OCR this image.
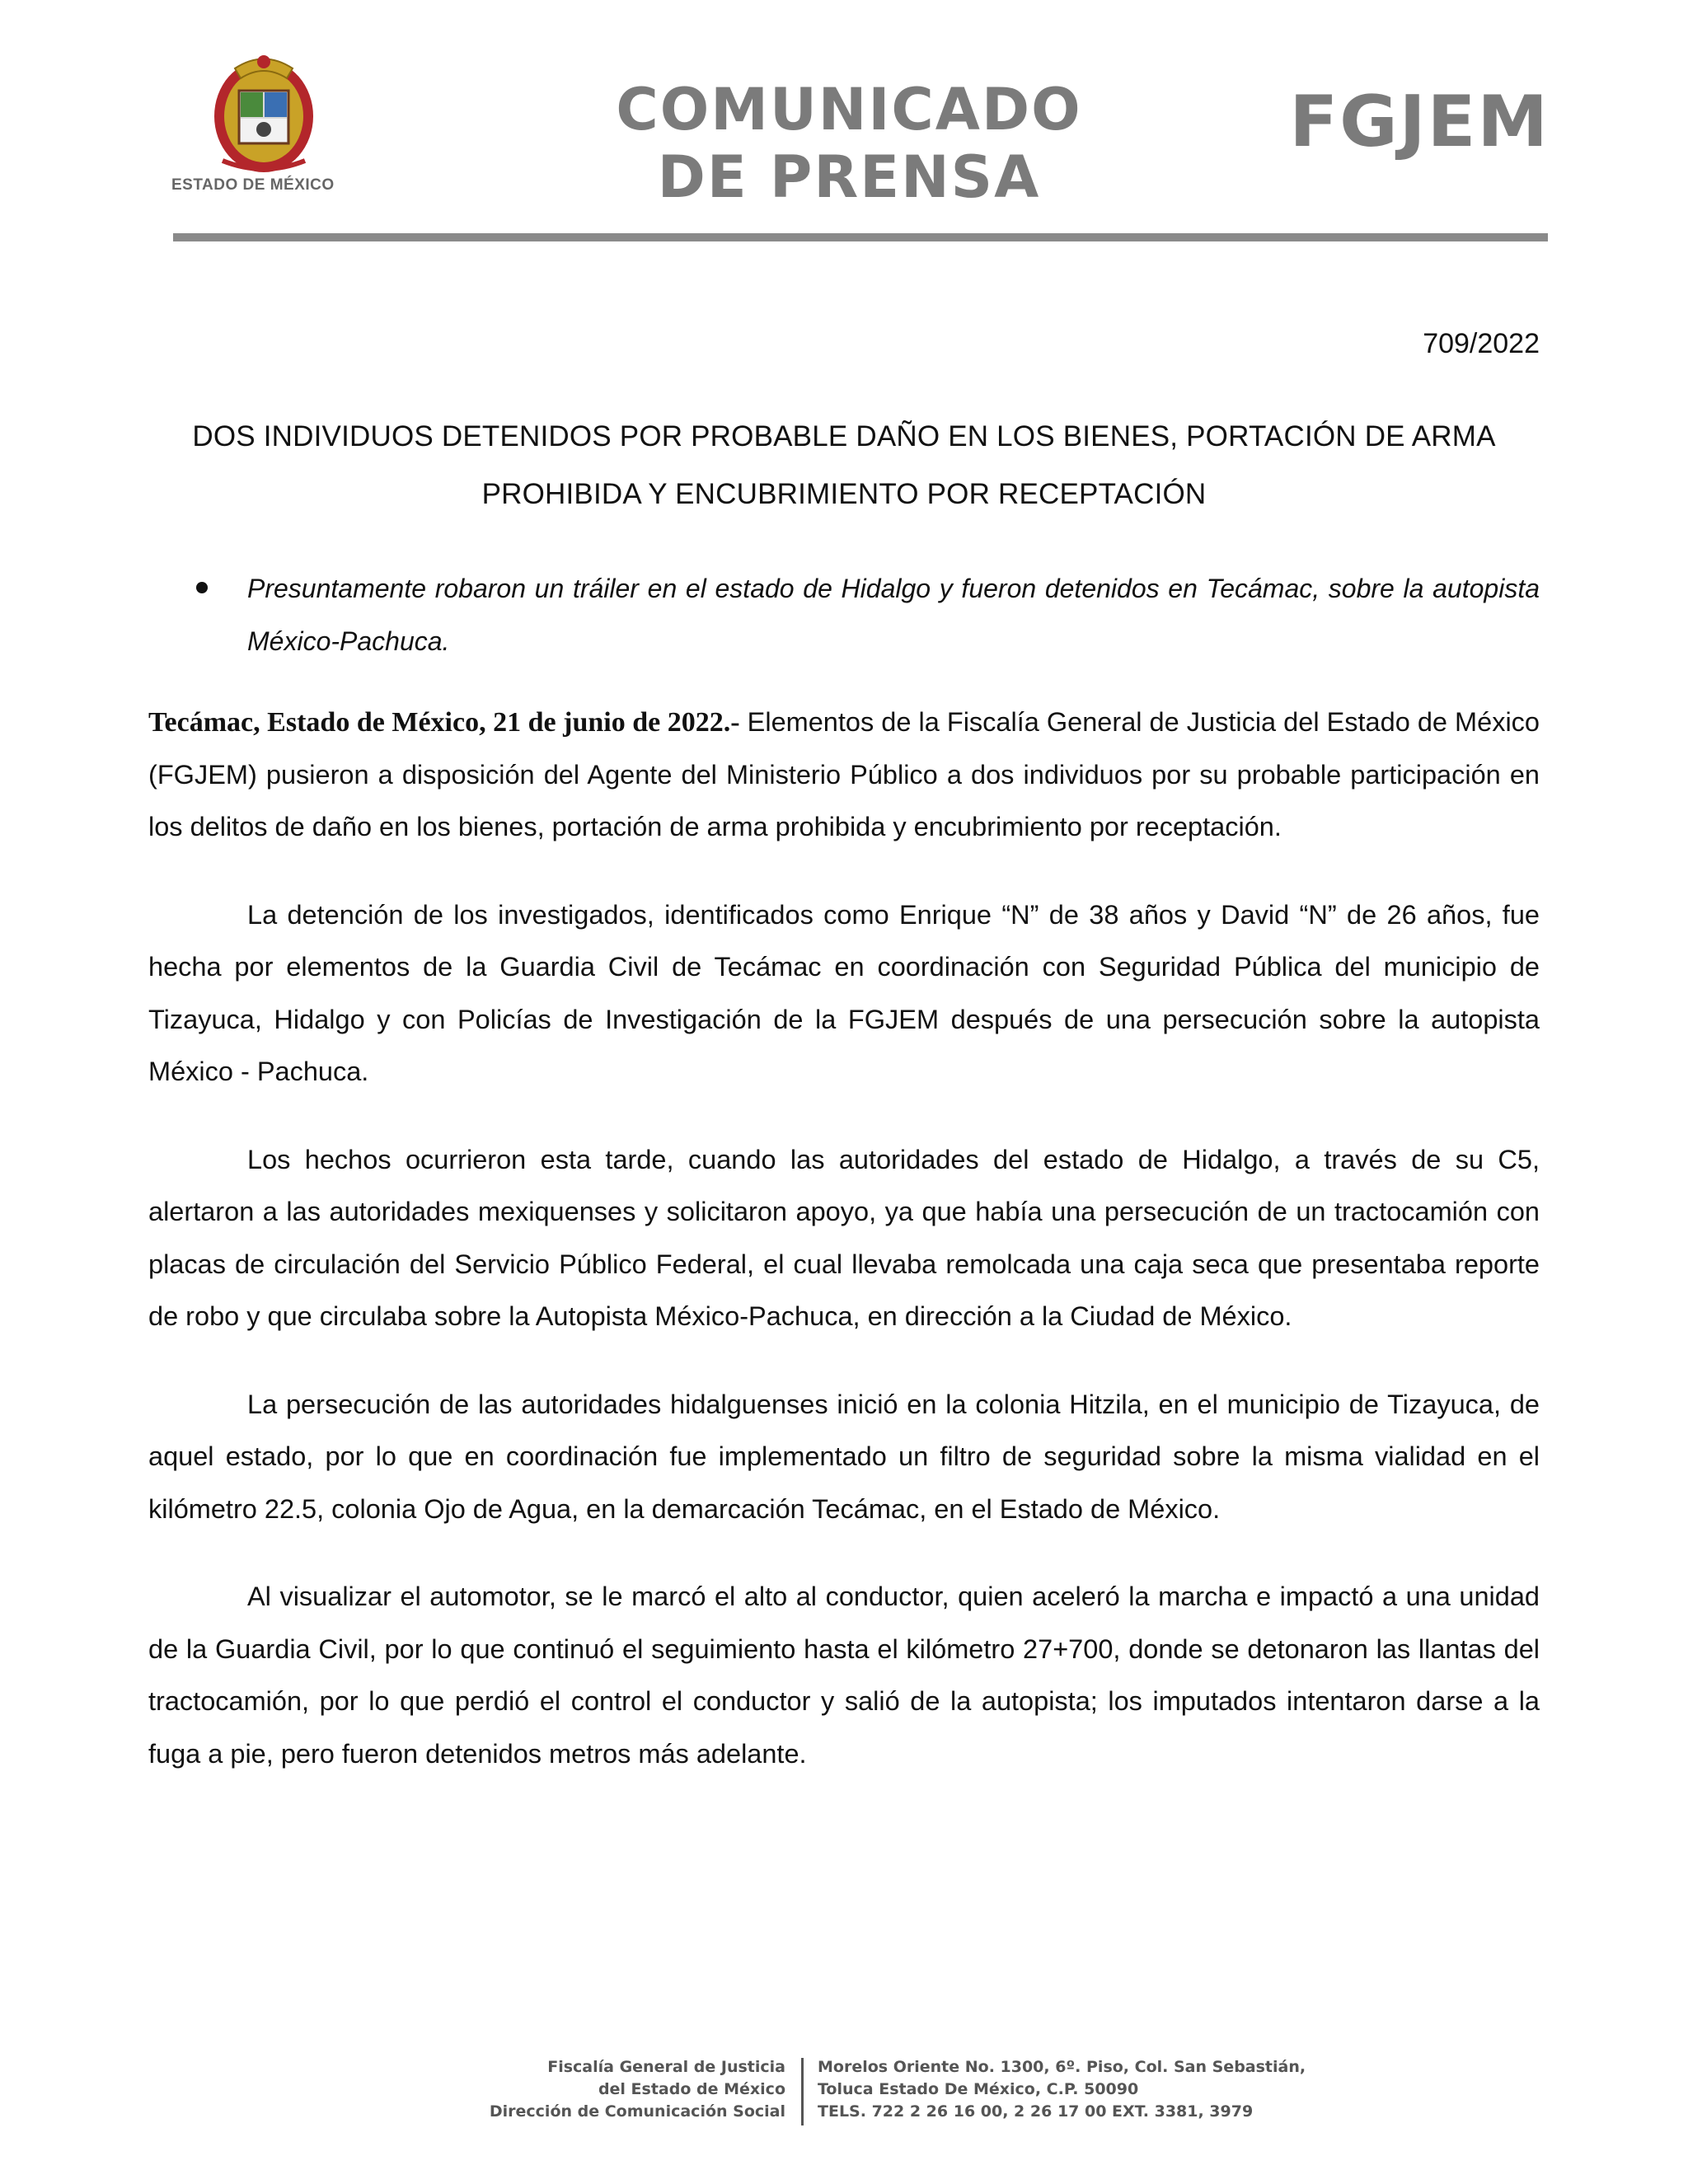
ESTADO DE MÉXICO
COMUNICADO
DE PRENSA
FGJEM
709/2022
DOS INDIVIDUOS DETENIDOS POR PROBABLE DAÑO EN LOS BIENES, PORTACIÓN DE ARMA
PROHIBIDA Y ENCUBRIMIENTO POR RECEPTACIÓN
Presuntamente robaron un tráiler en el estado de Hidalgo y fueron detenidos en Tecámac, sobre la autopista México-Pachuca.

Tecámac, Estado de México, 21 de junio de 2022.- Elementos de la Fiscalía General de Justicia del Estado de México (FGJEM) pusieron a disposición del Agente del Ministerio Público a dos individuos por su probable participación en los delitos de daño en los bienes, portación de arma prohibida y encubrimiento por receptación.

La detención de los investigados, identificados como Enrique “N” de 38 años y David “N” de 26 años, fue hecha por elementos de la Guardia Civil de Tecámac en coordinación con Seguridad Pública del municipio de Tizayuca, Hidalgo y con Policías de Investigación de la FGJEM después de una persecución sobre la autopista México - Pachuca.

Los hechos ocurrieron esta tarde, cuando las autoridades del estado de Hidalgo, a través de su C5, alertaron a las autoridades mexiquenses y solicitaron apoyo, ya que había una persecución de un tractocamión con placas de circulación del Servicio Público Federal, el cual llevaba remolcada una caja seca que presentaba reporte de robo y que circulaba sobre la Autopista México-Pachuca, en dirección a la Ciudad de México.

La persecución de las autoridades hidalguenses inició en la colonia Hitzila, en el municipio de Tizayuca, de aquel estado, por lo que en coordinación fue implementado un filtro de seguridad sobre la misma vialidad en el kilómetro 22.5, colonia Ojo de Agua, en la demarcación Tecámac, en el Estado de México.

Al visualizar el automotor, se le marcó el alto al conductor, quien aceleró la marcha e impactó a una unidad de la Guardia Civil, por lo que continuó el seguimiento hasta el kilómetro 27+700, donde se detonaron las llantas del tractocamión, por lo que perdió el control el conductor y salió de la autopista; los imputados intentaron darse a la fuga a pie, pero fueron detenidos metros más adelante.

Fiscalía General de Justicia
del Estado de México
Dirección de Comunicación Social
Morelos Oriente No. 1300, 6º. Piso, Col. San Sebastián,
Toluca Estado De México, C.P. 50090
TELS. 722 2 26 16 00, 2 26 17 00 EXT. 3381, 3979
